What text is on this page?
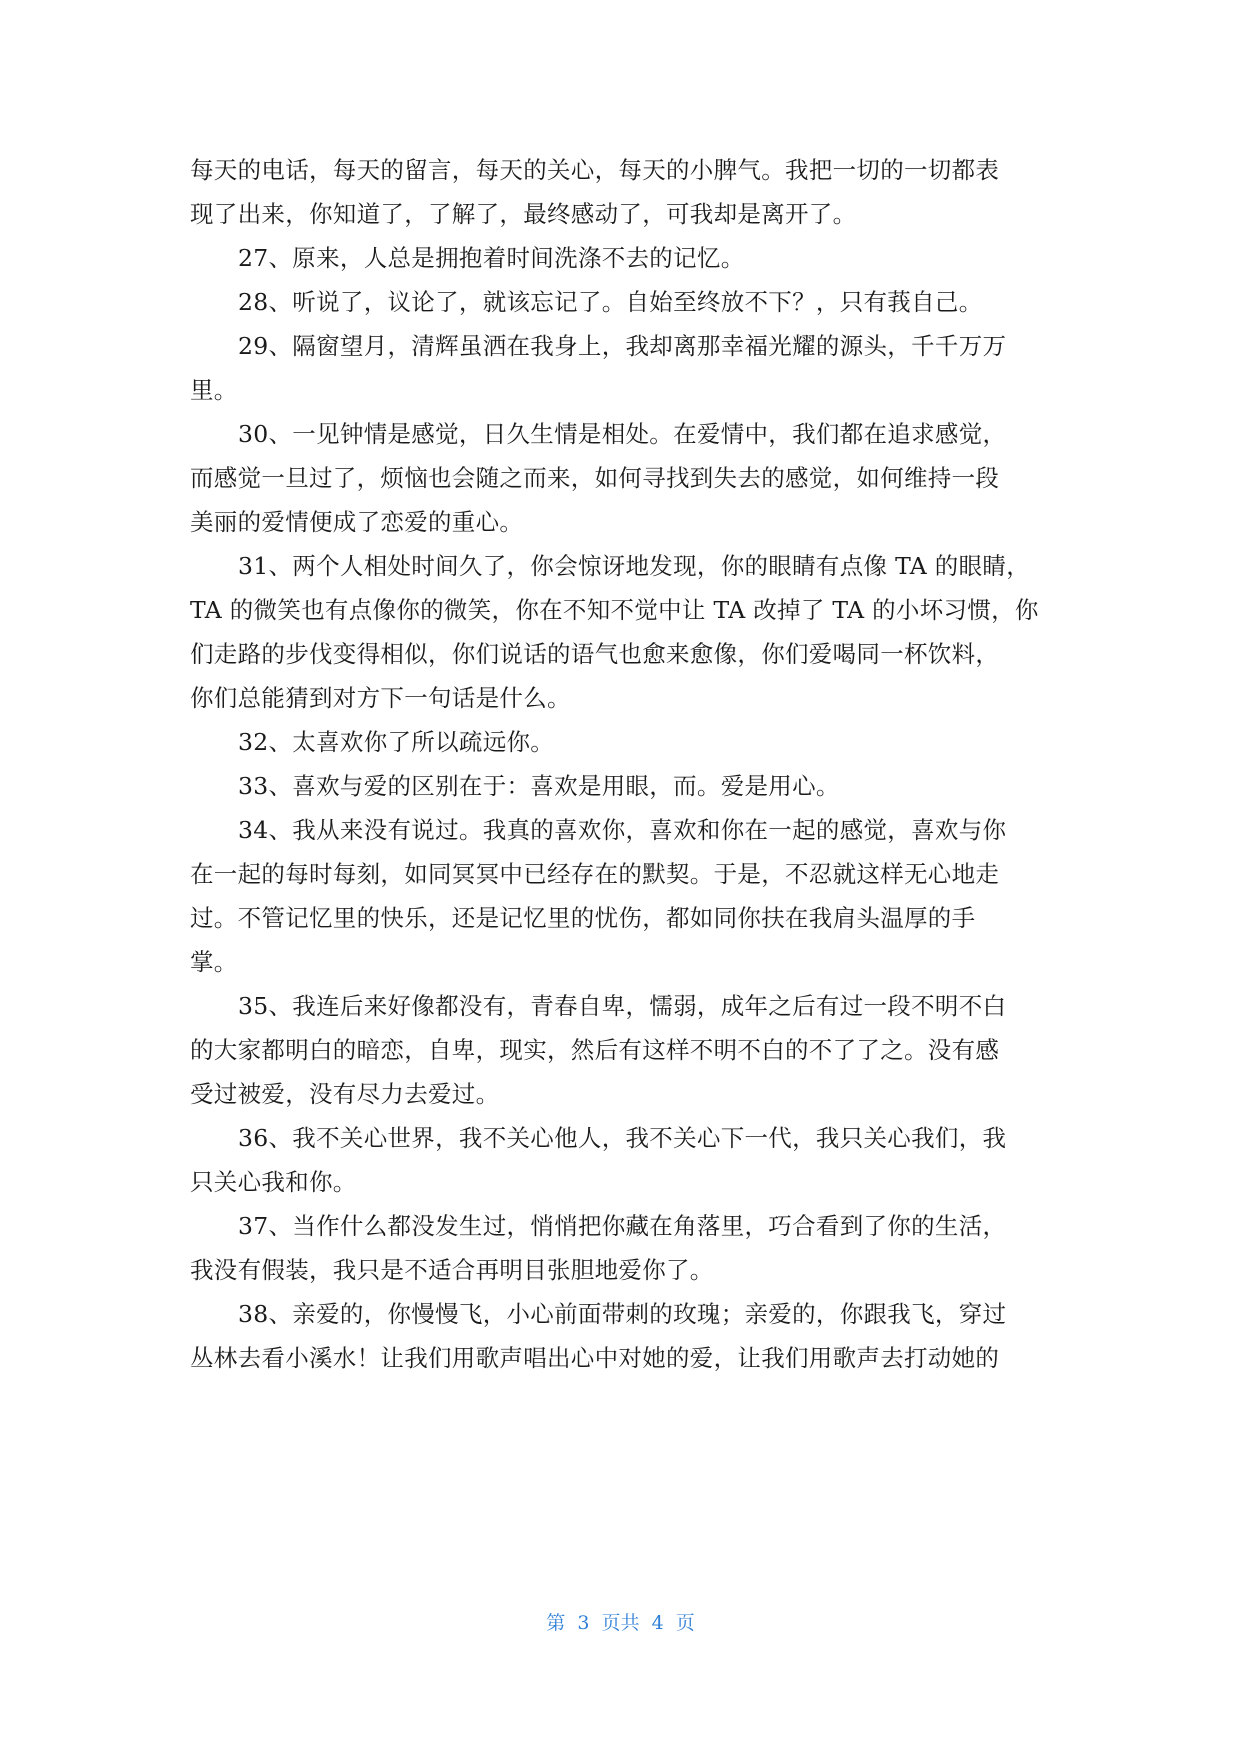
每天的电话，每天的留言，每天的关心，每天的小脾气。我把一切的一切都表
现了出来，你知道了，了解了，最终感动了，可我却是离开了。
27、原来，人总是拥抱着时间洗涤不去的记忆。
28、听说了，议论了，就该忘记了。自始至终放不下？，只有莪自己。
29、隔窗望月，清辉虽洒在我身上，我却离那幸福光耀的源头，千千万万
里。
30、一见钟情是感觉，日久生情是相处。在爱情中，我们都在追求感觉，
而感觉一旦过了，烦恼也会随之而来，如何寻找到失去的感觉，如何维持一段
美丽的爱情便成了恋爱的重心。
31、两个人相处时间久了，你会惊讶地发现，你的眼睛有点像 TA 的眼睛，
TA 的微笑也有点像你的微笑，你在不知不觉中让 TA 改掉了 TA 的小坏习惯，你
们走路的步伐变得相似，你们说话的语气也愈来愈像，你们爱喝同一杯饮料，
你们总能猜到对方下一句话是什么。
32、太喜欢你了所以疏远你。
33、喜欢与爱的区别在于：喜欢是用眼，而。爱是用心。
34、我从来没有说过。我真的喜欢你，喜欢和你在一起的感觉，喜欢与你
在一起的每时每刻，如同冥冥中已经存在的默契。于是，不忍就这样无心地走
过。不管记忆里的快乐，还是记忆里的忧伤，都如同你扶在我肩头温厚的手
掌。
35、我连后来好像都没有，青春自卑，懦弱，成年之后有过一段不明不白
的大家都明白的暗恋，自卑，现实，然后有这样不明不白的不了了之。没有感
受过被爱，没有尽力去爱过。
36、我不关心世界，我不关心他人，我不关心下一代，我只关心我们，我
只关心我和你。
37、当作什么都没发生过，悄悄把你藏在角落里，巧合看到了你的生活，
我没有假装，我只是不适合再明目张胆地爱你了。
38、亲爱的，你慢慢飞，小心前面带刺的玫瑰；亲爱的，你跟我飞，穿过
丛林去看小溪水！让我们用歌声唱出心中对她的爱，让我们用歌声去打动她的
第  3  页共  4  页
